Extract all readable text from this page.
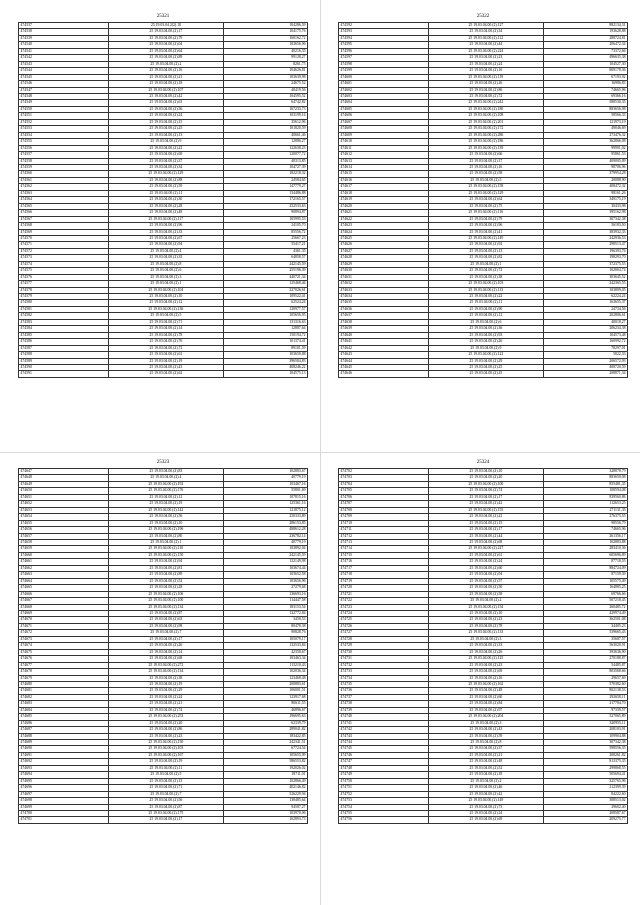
25321
474537	25 19.03.04.2(2).18	104286,59
474538	25 19.03.04.00.(2).17	104175,76
474539	25 19.03.04.00.(2).79	160162,72
474540	25 19.03.04.00.(2).04	103656,96
474541	25 19.03.04.00.(2).64	40216,35
474542	25 19.03.04.00.(2).89	99128,27
474543	25 19.03.04.00.(2).2	8261,75
474544	25 19.03.04.00.(2).16	104626,81
474545	25 19.03.04.00.(2).21	103639,98
474546	25 19.03.04.00.(2).18	24675,52
474547	25 19.03.04.00.(2).107	40419,56
474548	25 19.03.04.00.(2).42	104595,52
474549	25 19.03.04.00.(2).63	64742,82
474550	25 19.03.04.00.(2).56	167233,73
474551	25 19.03.04.00.(2).24	103199,16
474552	25 19.03.04.00.(2).15	35612,96
474553	25 19.03.04.00.(2).25	101820,59
474554	25 19.03.04.00.(2).13	40661,46
474555	25 19.03.04.00.(2).9	12886,27
474556	25 19.03.04.00.(2).22	122638,23
474557	25 19.03.04.00.(2).69	120077,72
474558	25 19.03.04.00.(2).37	40313,85
474559	25 19.03.04.00.(2).34	104727,39
474560	25 19.03.04.00.(2).129	182218,32
474561	25 19.03.04.00.(2).88	24584,65
474562	25 19.03.04.00.(2).59	147779,27
474563	25 19.03.04.00.(2).11	134486,88
474564	25 19.03.04.00.(2).30	172165,57
474565	25 19.03.04.00.(2).28	252533,63
474566	25 19.03.04.00.(2).48	90894,87
474567	25 19.03.04.00.(2).117	105995,53
474568	25 19.03.04.00.(2).96	24105,70
474569	25 19.03.04.00.(2).33	85556,72
474570	25 19.03.04.00.(2).67	25667,23
474571	25 19.03.04.00.(2).94	55417,21
474572	25 19.03.04.00.(2).4	4361,35
474573	25 19.03.04.00.(2).35	64858,57
474574	25 19.03.04.00.(2).8	242145,59
474575	25 19.03.04.00.(2).6	255196,39
474576	25 19.03.04.00.(2).3	440721,34
474577	25 19.03.04.00.(2).1	125468,46
474578	25 19.03.04.00.(2).104	227026,61
474579	25 19.03.04.00.(2).10	109522,41
474580	25 19.03.04.00.(2).12	62524,24
474581	25 19.03.04.00.(2).136	120977,57
474582	25 19.03.04.00.(2).5	105656,95
474583	25 19.03.04.00.(2).71	131316,63
474584	25 19.03.04.00.(2).14	12887,64
474585	25 19.03.04.00.(2).78	150194,72
474586	25 19.03.04.00.(2).76	101374,41
474587	25 19.03.04.00.(2).72	89101,59
474588	25 19.03.04.00.(2).61	103650,88
474589	25 19.03.04.00.(2).19	396584,83
474590	25 19.03.04.00.(2).43	408246,22
474591	25 19.03.04.00.(2).62	104575,13
25322
474592	25 19.03.04.00.(2).127	882134,31
474593	25 19.03.04.00.(2).34	193628,88
474594	25 19.03.04.00.(2).112	288724,81
474595	25 19.03.04.00.(2).44	206472,34
474596	25 19.03.04.00.(2).224	73372,66
474597	25 19.03.04.00.(2).23	496635,38
474598	25 19.03.04.00.(2).24	104527,30
474599	25 19.03.04.00.(2).16	809178,36
474600	25 19.03.04.00.(2).119	67193,92
474601	25 19.03.04.00.(2).26	16986,83
474602	25 19.03.04.00.(2).86	74665,96
474603	25 19.03.04.00.(2).72	69366,16
474604	25 19.03.04.00.(2).242	588530,35
474605	25 19.03.04.00.(2).180	883656,98
474606	25 19.03.04.00.(2).108	58566,33
474607	25 19.03.04.00.(2).201	121973,19
474608	25 19.03.04.00.(2).172	49046,69
474609	25 19.03.04.00.(2).286	273476,32
474610	25 19.03.04.00.(2).186	362866,08
474611	25 19.03.04.00.(2).139	99991,02
474612	25 19.03.04.00.(2).66	95861,53
474613	25 19.03.04.00.(2).17	409005,09
474614	25 19.03.04.00.(2).16	98706,96
474615	25 19.03.04.00.(2).58	379954,28
474616	25 19.03.04.00.(2).5	20088,90
474617	25 19.03.04.00.(2).158	408472,32
474618	25 19.03.04.00.(2).129	98161,26
474619	25 19.03.04.00.(2).64	349175,19
474620	25 19.03.04.00.(2).75	30433,98
474621	25 19.03.04.00.(2).116	395162,98
474622	25 19.03.04.00.(2).79	307342,38
474623	25 19.03.04.00.(2).96	56183,50
474624	25 19.03.04.00.(2).41	383932,33
474625	25 19.03.04.00.(2).149	242936,53
474626	25 19.03.04.00.(2).92	298513,47
474627	25 19.03.04.00.(2).13	196393,76
474628	25 19.03.04.00.(2).82	198293,70
474629	25 19.03.04.00.(2).1	372375,55
474630	25 19.03.04.00.(2).72	102804,74
474631	25 19.03.04.00.(2).38	303645,52
474632	25 19.03.04.00.(2).103	242365,55
474633	25 19.03.04.00.(2).113	103809,05
474634	25 19.03.04.00.(2).22	62224,24
474635	25 19.03.04.00.(2).11	163655,37
474636	25 19.03.04.00.(2).90	24734,56
474637	25 19.03.04.00.(2).12	202806,61
474638	25 19.03.04.00.(2).6	40018,27
474639	25 19.03.04.00.(2).36	206234,38
474640	25 19.03.04.00.(2).93	104573,48
474641	25 19.03.04.00.(2).26	160992,72
474642	25 19.03.04.00.(2).9	78297,01
474643	25 19.03.04.00.(2).122	5822,33
474644	25 19.03.04.00.(2).29	206572,93
474645	25 19.03.04.00.(2).25	408720,59
474646	25 19.03.04.00.(2).25	208871,34
25323
474647	25 19.03.04.00.(2).83	102883,67
474648	25 19.03.04.00.(2).4	40779,19
474649	25 19.03.04.00.(2).192	103467,16
474650	25 19.03.04.00.(2).176	55801,69
474651	25 19.03.04.00.(2).12	107815,16
474652	25 19.03.04.00.(2).19	125361,16
474653	25 19.03.04.00.(2).142	121875,12
474654	25 19.03.04.00.(2).56	250333,89
474655	25 19.03.04.00.(2).10	286153,85
474656	25 19.03.04.00.(2).196	488612,28
474657	25 19.03.04.00.(2).80	236782,14
474658	25 19.03.04.00.(2).1	40779,19
474659	25 19.03.04.00.(2).110	103892,04
474660	25 19.03.04.00.(2).150	242145,59
474661	25 19.03.04.00.(2).94	122149,98
474662	25 19.03.04.00.(2).81	103674,44
474663	25 19.03.04.00.(2).89	103652,58
474664	25 19.03.04.00.(2).52	103656,96
474665	25 19.03.04.00.(2).28	27279,68
474666	25 19.03.04.00.(2).106	136693,16
474667	25 19.03.04.00.(2).100	114447,58
474668	25 19.03.04.00.(2).134	183153,54
474669	25 19.03.04.00.(2).87	132772,84
474670	25 19.03.04.00.(2).63	3458,53
474671	25 19.03.04.00.(2).98	80478,38
474672	25 19.03.04.00.(2).7	90828,76
474673	25 19.03.04.00.(2).17	105079,17
474674	25 19.03.04.00.(2).26	132533,84
474675	25 19.03.04.00.(2).14	42358,67
474676	25 19.03.04.00.(2).68	103463,34
474677	25 19.03.04.00.(2).272	113210,43
474678	25 19.03.04.00.(2).134	102036,34
474679	25 19.03.04.00.(2).38	123468,48
474680	25 19.03.04.00.(2).19	200883,61
474681	25 19.03.04.00.(2).29	106001,51
474682	25 19.03.04.00.(2).24	123917,68
474683	25 19.03.04.00.(2).21	80611,55
474684	25 19.03.04.00.(2).74	46896,67
474685	25 19.03.04.00.(2).253	196695,63
474686	25 19.03.04.00.(2).20	62339,79
474687	25 19.03.04.00.(2).86	289041,82
474688	25 19.03.04.00.(2).23	183422,85
474689	25 19.03.04.00.(2).150	242341,51
474690	25 19.03.04.00.(2).103	67724,54
474691	25 19.03.04.00.(2).167	105655,99
474692	25 19.03.04.00.(2).19	586553,82
474693	25 19.03.04.00.(2).11	192026,02
474694	25 19.03.04.00.(2).5	18711,01
474695	25 19.03.04.00.(2).13	102866,49
474696	25 19.03.04.00.(2).71	402146,82
474697	25 19.03.04.00.(2).7	526229,94
474698	25 19.03.04.00.(2).56	138485,64
474699	25 19.03.04.00.(2).87	94587,27
474700	25 19.03.04.00.(2).175	103970,06
474701	25 19.03.04.00.(2).17	102893,73
25324
474702	25 19.03.04.00.(2).10	328878,79
474703	25 19.03.04.00.(2).20	883650,08
474704	25 19.03.04.00.(2).100	855481,35
474705	25 19.03.04.00.(2).74	108594,08
474706	25 19.03.04.00.(2).17	839560,86
474707	25 19.03.04.00.(2).42	112653,25
474708	25 19.03.04.00.(2).155	271131,35
474709	25 19.03.04.00.(2).22	276375,55
474710	25 19.03.04.00.(2).15	98556,79
474711	25 19.03.04.00.(2).17	74665,96
474712	25 19.03.04.00.(2).44	261356,17
474713	25 19.03.04.00.(2).68	102883,88
474714	25 19.03.04.00.(2).227	283410,36
474715	25 19.03.04.00.(2).61	605696,89
474716	25 19.03.04.00.(2).24	87718,55
474717	25 19.03.04.00.(2).60	884724,09
474718	25 19.03.04.00.(2).94	87159,39
474719	25 19.03.04.00.(2).57	105575,49
474720	25 19.03.04.00.(2).50	164885,25
474721	25 19.03.04.00.(2).58	69766,66
474722	25 19.03.04.00.(2).2	507218,45
474723	25 19.03.04.00.(2).154	260485,72
474724	25 19.03.04.00.(2).10	429974,49
474725	25 19.03.04.00.(2).23	362501,08
474726	25 19.03.04.00.(2).78	34405,23
474727	25 19.03.04.00.(2).133	539665,43
474728	25 19.03.04.00.(2).3	35687,57
474729	25 19.03.04.00.(2).33	563020,91
474730	25 19.03.04.00.(2).26	393636,90
474731	25 19.03.04.00.(2).125	270188,87
474732	25 19.03.04.00.(2).23	54485,87
474733	25 19.03.04.00.(2).69	803568,66
474734	25 19.03.04.00.(2).16	29657,69
474735	25 19.03.04.00.(2).162	570382,60
474736	25 19.03.04.00.(2).48	802138,53
474737	25 19.03.04.00.(2).60	292658,11
474738	25 19.03.04.00.(2).84	217784,70
474739	25 19.03.04.00.(2).97	97339,57
474740	25 19.03.04.00.(2).204	527065,89
474741	25 19.03.04.00.(2).3	320955,11
474742	25 19.03.04.00.(2).43	208103,91
474743	25 19.03.04.00.(2).59	109904,88
474744	25 19.03.04.00.(2).8	307342,38
474745	25 19.03.04.00.(2).37	598556,35
474746	25 19.03.04.00.(2).21	208261,82
474747	25 19.03.04.00.(2).48	813375,35
474748	25 19.03.04.00.(2).52	299868,55
474749	25 19.03.04.00.(2).18	505694,41
474750	25 19.03.04.00.(2).2	325765,96
474751	25 19.03.04.00.(2).46	212399,39
474752	25 19.03.04.00.(2).42	84222,60
474753	25 19.03.04.00.(2).149	308513,02
474754	25 19.03.04.00.(2).73	29602,40
474755	25 19.03.04.00.(2).24	208587,67
474756	25 19.03.04.00.(2).69	209275,77
